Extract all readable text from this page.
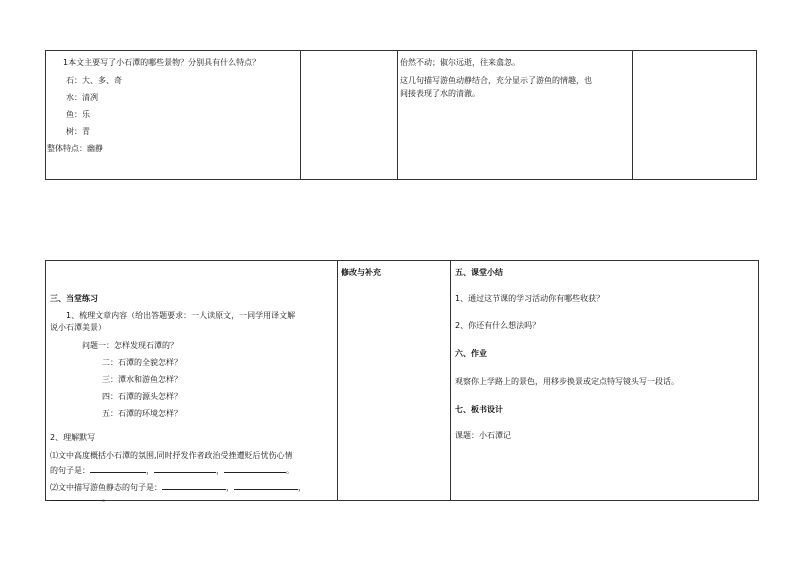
1本文主要写了小石潭的哪些景物？分别具有什么特点？
石：大、多、奇
水：清冽
鱼：乐
树：青
整体特点：幽静
佁然不动；俶尔远逝，往来翕忽。
这几句描写游鱼动静结合，充分显示了游鱼的情趣，也
间接表现了水的清澈。
三、当堂练习
1、梳理文章内容（给出答题要求：一人读原文，一同学用译文解
说小石潭美景）
问题一：怎样发现石潭的？
二：石潭的全貌怎样？
三：潭水和游鱼怎样？
四：石潭的源头怎样？
五：石潭的环境怎样？
2、理解默写
⑴文中高度概括小石潭的氛围,同时抒发作者政治受挫遭贬后忧伤心情
的句子是：	，	，	。
⑵文中描写游鱼静态的句子是：	，	，
。
修改与补充	五、课堂小结
1、通过这节课的学习活动你有哪些收获？
2、你还有什么想法吗？
六、作业
观察你上学路上的景色，用移步换景或定点特写镜头写一段话。
七、板书设计
课题：小石潭记
